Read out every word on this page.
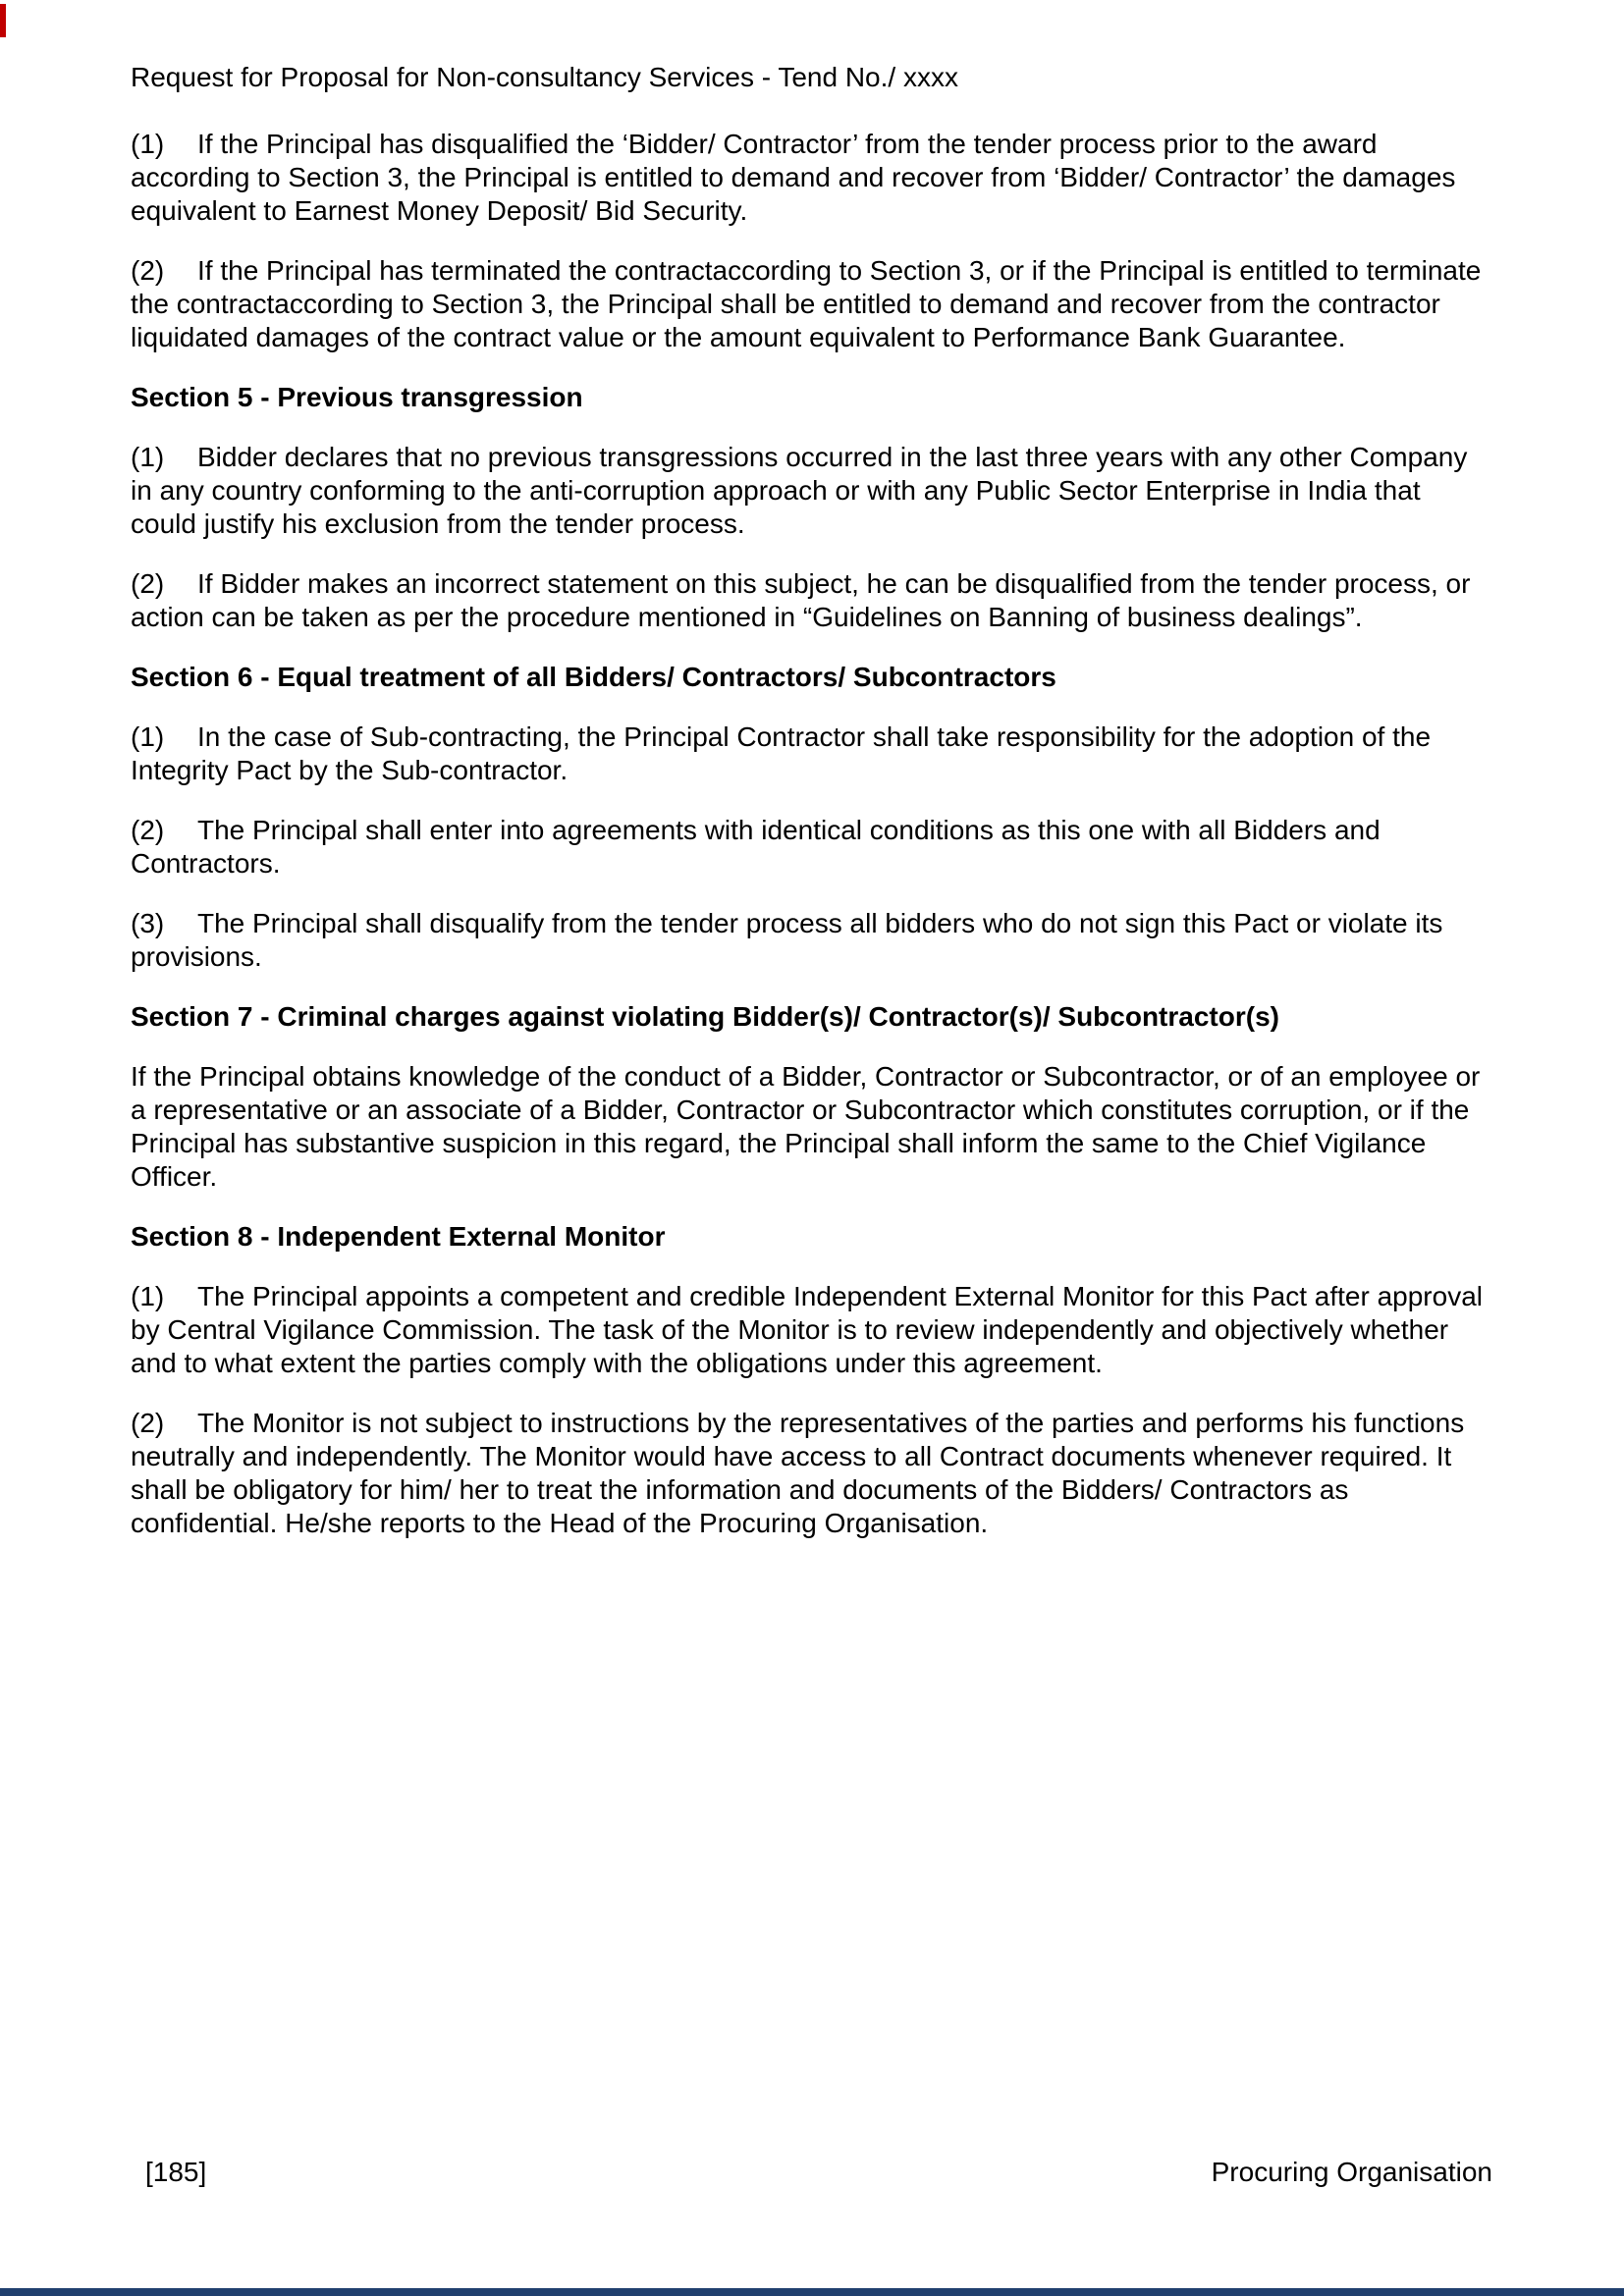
Request for Proposal for Non-consultancy Services - Tend No./ xxxx

(1) If the Principal has disqualified the ‘Bidder/ Contractor’ from the tender process prior to the award according to Section 3, the Principal is entitled to demand and recover from ‘Bidder/ Contractor’ the damages equivalent to Earnest Money Deposit/ Bid Security.

(2) If the Principal has terminated the contractaccording to Section 3, or if the Principal is entitled to terminate the contractaccording to Section 3, the Principal shall be entitled to demand and recover from the contractor liquidated damages of the contract value or the amount equivalent to Performance Bank Guarantee.

Section 5 - Previous transgression

(1) Bidder declares that no previous transgressions occurred in the last three years with any other Company in any country conforming to the anti-corruption approach or with any Public Sector Enterprise in India that could justify his exclusion from the tender process.

(2) If Bidder makes an incorrect statement on this subject, he can be disqualified from the tender process, or action can be taken as per the procedure mentioned in “Guidelines on Banning of business dealings”.

Section 6 - Equal treatment of all Bidders/ Contractors/ Subcontractors

(1) In the case of Sub-contracting, the Principal Contractor shall take responsibility for the adoption of the Integrity Pact by the Sub-contractor.

(2) The Principal shall enter into agreements with identical conditions as this one with all Bidders and Contractors.

(3) The Principal shall disqualify from the tender process all bidders who do not sign this Pact or violate its provisions.

Section 7 - Criminal charges against violating Bidder(s)/ Contractor(s)/ Subcontractor(s)

If the Principal obtains knowledge of the conduct of a Bidder, Contractor or Subcontractor, or of an employee or a representative or an associate of a Bidder, Contractor or Subcontractor which constitutes corruption, or if the Principal has substantive suspicion in this regard, the Principal shall inform the same to the Chief Vigilance Officer.

Section 8 - Independent External Monitor

(1) The Principal appoints a competent and credible Independent External Monitor for this Pact after approval by Central Vigilance Commission. The task of the Monitor is to review independently and objectively whether and to what extent the parties comply with the obligations under this agreement.

(2) The Monitor is not subject to instructions by the representatives of the parties and performs his functions neutrally and independently. The Monitor would have access to all Contract documents whenever required. It shall be obligatory for him/ her to treat the information and documents of the Bidders/ Contractors as confidential. He/she reports to the Head of the Procuring Organisation.

[185]	Procuring Organisation
